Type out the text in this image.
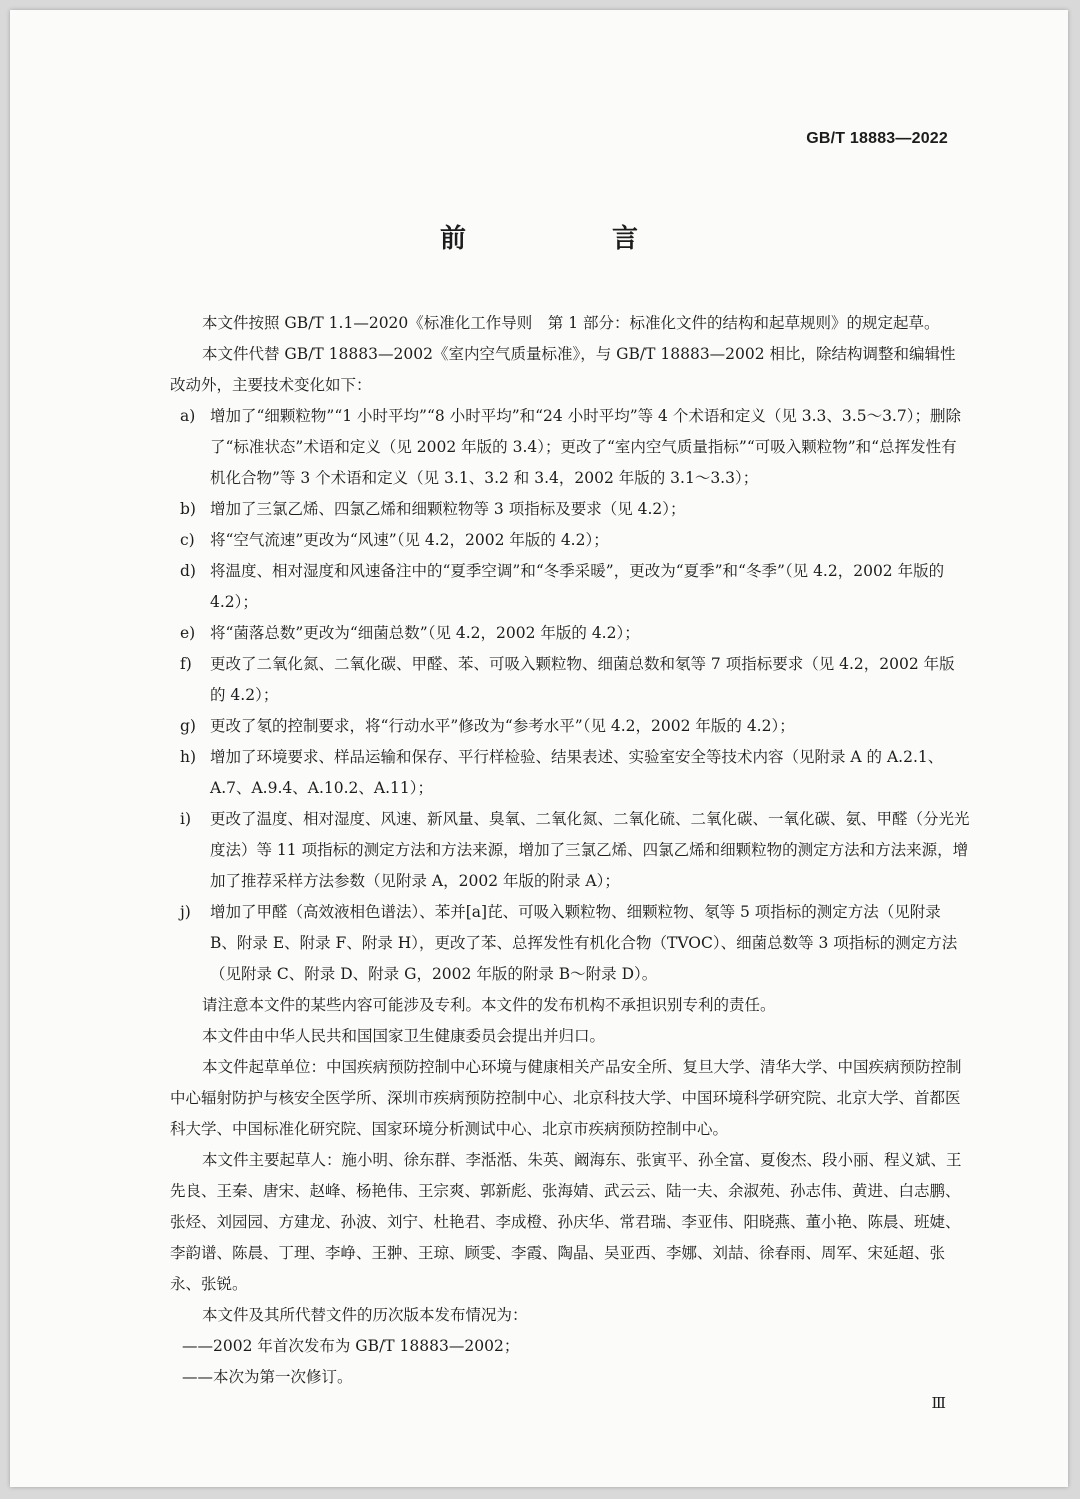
GB/T 18883—2022
前　言

本文件按照 GB/T 1.1—2020《标准化工作导则　第 1 部分：标准化文件的结构和起草规则》的规定起草。

本文件代替 GB/T 18883—2002《室内空气质量标准》，与 GB/T 18883—2002 相比，除结构调整和编辑性改动外，主要技术变化如下：

a) 增加了“细颗粒物”“1 小时平均”“8 小时平均”和“24 小时平均”等 4 个术语和定义（见 3.3、3.5～3.7）；删除了“标准状态”术语和定义（见 2002 年版的 3.4）；更改了“室内空气质量指标”“可吸入颗粒物”和“总挥发性有机化合物”等 3 个术语和定义（见 3.1、3.2 和 3.4，2002 年版的 3.1～3.3）；
b) 增加了三氯乙烯、四氯乙烯和细颗粒物等 3 项指标及要求（见 4.2）；
c) 将“空气流速”更改为“风速”（见 4.2，2002 年版的 4.2）；
d) 将温度、相对湿度和风速备注中的“夏季空调”和“冬季采暖”，更改为“夏季”和“冬季”（见 4.2，2002 年版的 4.2）；
e) 将“菌落总数”更改为“细菌总数”（见 4.2，2002 年版的 4.2）；
f)	更改了二氧化氮、二氧化碳、甲醛、苯、可吸入颗粒物、细菌总数和氡等 7 项指标要求（见 4.2，2002 年版的 4.2）；
g) 更改了氡的控制要求，将“行动水平”修改为“参考水平”（见 4.2，2002 年版的 4.2）；
h) 增加了环境要求、样品运输和保存、平行样检验、结果表述、实验室安全等技术内容（见附录 A 的 A.2.1、A.7、A.9.4、A.10.2、A.11）；
i)	更改了温度、相对湿度、风速、新风量、臭氧、二氧化氮、二氧化硫、二氧化碳、一氧化碳、氨、甲醛（分光光度法）等 11 项指标的测定方法和方法来源，增加了三氯乙烯、四氯乙烯和细颗粒物的测定方法和方法来源，增加了推荐采样方法参数（见附录 A，2002 年版的附录 A）；
j)	增加了甲醛（高效液相色谱法）、苯并[a]芘、可吸入颗粒物、细颗粒物、氡等 5 项指标的测定方法（见附录 B、附录 E、附录 F、附录 H），更改了苯、总挥发性有机化合物（TVOC）、细菌总数等 3 项指标的测定方法（见附录 C、附录 D、附录 G，2002 年版的附录 B～附录 D）。

请注意本文件的某些内容可能涉及专利。本文件的发布机构不承担识别专利的责任。

本文件由中华人民共和国国家卫生健康委员会提出并归口。

本文件起草单位：中国疾病预防控制中心环境与健康相关产品安全所、复旦大学、清华大学、中国疾病预防控制中心辐射防护与核安全医学所、深圳市疾病预防控制中心、北京科技大学、中国环境科学研究院、北京大学、首都医科大学、中国标准化研究院、国家环境分析测试中心、北京市疾病预防控制中心。

本文件主要起草人：施小明、徐东群、李湉湉、朱英、阚海东、张寅平、孙全富、夏俊杰、段小丽、程义斌、王先良、王秦、唐宋、赵峰、杨艳伟、王宗爽、郭新彪、张海婧、武云云、陆一夫、余淑苑、孙志伟、黄进、白志鹏、张烃、刘园园、方建龙、孙波、刘宁、杜艳君、李成橙、孙庆华、常君瑞、李亚伟、阳晓燕、董小艳、陈晨、班婕、李韵谱、陈晨、丁理、李峥、王翀、王琼、顾雯、李霞、陶晶、吴亚西、李娜、刘喆、徐春雨、周军、宋延超、张永、张锐。

本文件及其所代替文件的历次版本发布情况为：

——2002 年首次发布为 GB/T 18883—2002；

——本次为第一次修订。

Ⅲ
